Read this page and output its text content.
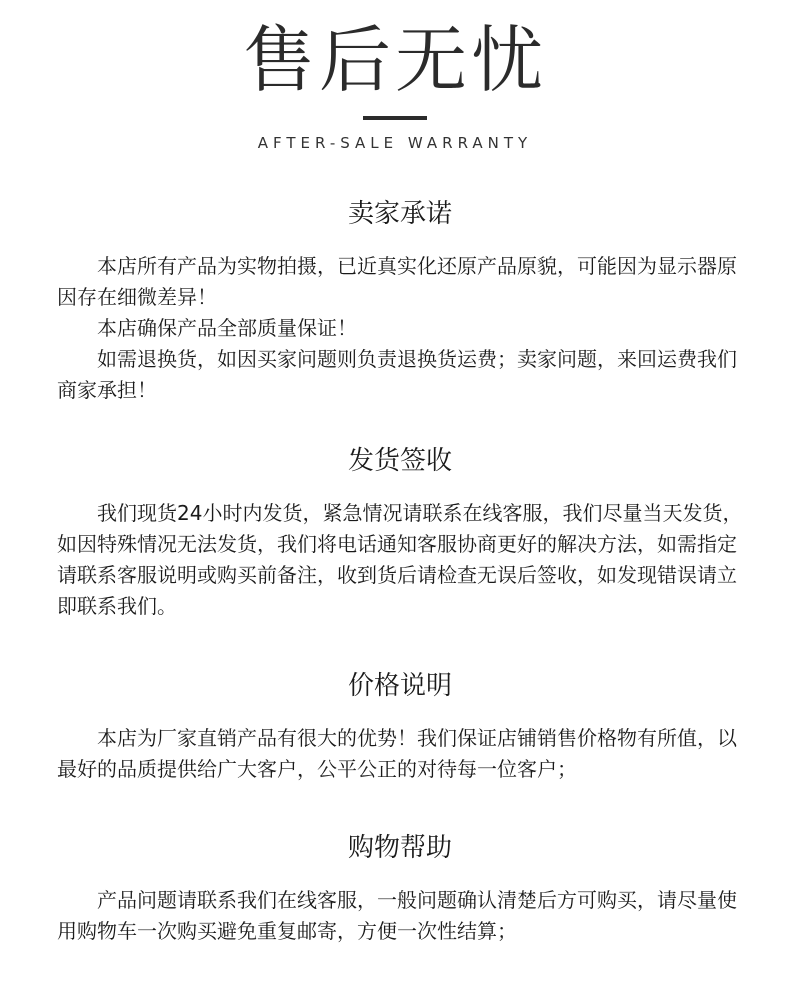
售后无忧
AFTER-SALE WARRANTY
卖家承诺

本店所有产品为实物拍摄，已近真实化还原产品原貌，可能因为显示器原因存在细微差异！

本店确保产品全部质量保证！

如需退换货，如因买家问题则负责退换货运费；卖家问题，来回运费我们商家承担！

发货签收

我们现货24小时内发货，紧急情况请联系在线客服，我们尽量当天发货，如因特殊情况无法发货，我们将电话通知客服协商更好的解决方法，如需指定请联系客服说明或购买前备注，收到货后请检查无误后签收，如发现错误请立即联系我们。

价格说明

本店为厂家直销产品有很大的优势！我们保证店铺销售价格物有所值，以最好的品质提供给广大客户，公平公正的对待每一位客户；

购物帮助

产品问题请联系我们在线客服，一般问题确认清楚后方可购买，请尽量使用购物车一次购买避免重复邮寄，方便一次性结算；
